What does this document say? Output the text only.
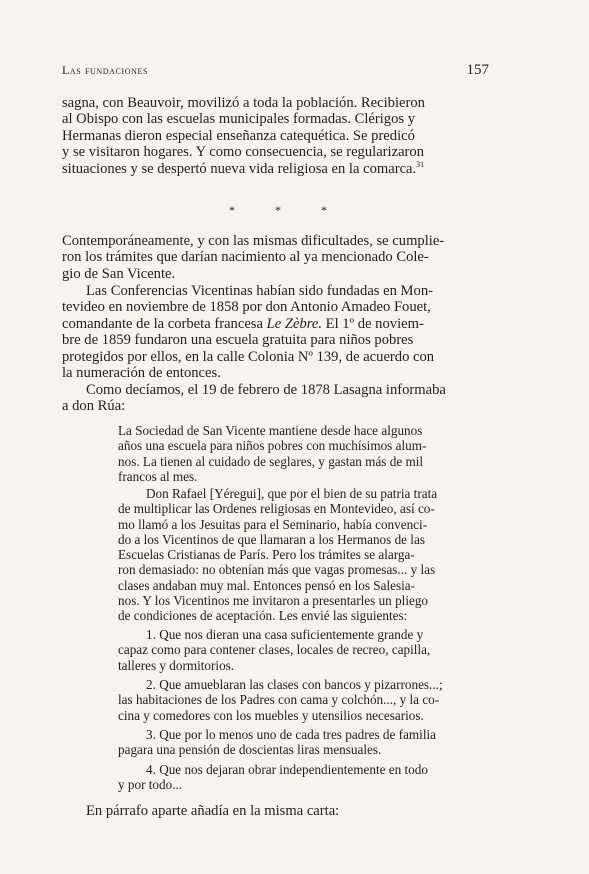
Las fundaciones	157

sagna, con Beauvoir, movilizó a toda la población. Recibieron

al Obispo con las escuelas municipales formadas. Clérigos y

Hermanas dieron especial enseñanza catequética. Se predicó

y se visitaron hogares. Y como consecuencia, se regularizaron

situaciones y se despertó nueva vida religiosa en la comarca.$^{31}$

*	*	*

Contemporáneamente, y con las mismas dificultades, se cumplie-

ron los trámites que darían nacimiento al ya mencionado Cole-

gio de San Vicente.

Las Conferencias Vicentinas habían sido fundadas en Mon-

tevideo en noviembre de 1858 por don Antonio Amadeo Fouet,

comandante de la corbeta francesa Le Zèbre. El 1º de noviem-

bre de 1859 fundaron una escuela gratuita para niños pobres

protegidos por ellos, en la calle Colonia Nº 139, de acuerdo con

la numeración de entonces.

Como decíamos, el 19 de febrero de 1878 Lasagna informaba

a don Rúa:

La Sociedad de San Vicente mantiene desde hace algunos

años una escuela para niños pobres con muchísimos alum-

nos. La tienen al cuidado de seglares, y gastan más de mil

francos al mes.

Don Rafael [Yéregui], que por el bien de su patria trata

de multiplicar las Ordenes religiosas en Montevideo, así co-

mo llamó a los Jesuitas para el Seminario, había convenci-

do a los Vicentinos de que llamaran a los Hermanos de las

Escuelas Cristianas de París. Pero los trámites se alarga-

ron demasiado: no obtenían más que vagas promesas... y las

clases andaban muy mal. Entonces pensó en los Salesia-

nos. Y los Vicentinos me invitaron a presentarles un pliego

de condiciones de aceptación. Les envié las siguientes:

1. Que nos dieran una casa suficientemente grande y

capaz como para contener clases, locales de recreo, capilla,

talleres y dormitorios.

2. Que amueblaran las clases con bancos y pizarrones...;

las habitaciones de los Padres con cama y colchón..., y la co-

cina y comedores con los muebles y utensilios necesarios.

3. Que por lo menos uno de cada tres padres de familia

pagara una pensión de doscientas liras mensuales.

4. Que nos dejaran obrar independientemente en todo

y por todo...

En párrafo aparte añadía en la misma carta:
